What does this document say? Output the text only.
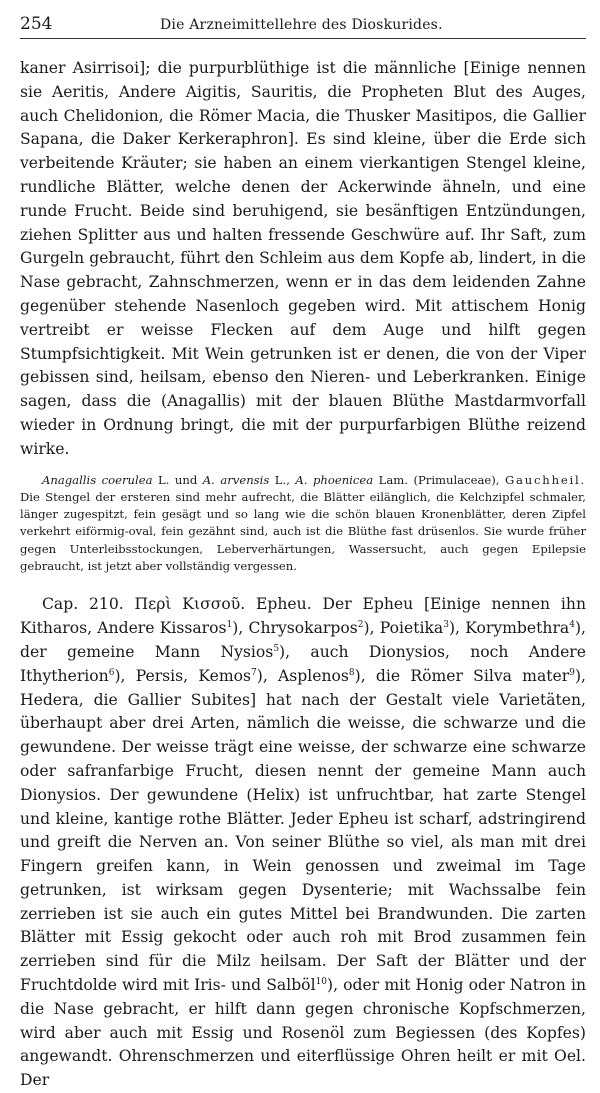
254	Die Arzneimittellehre des Dioskurides.

kaner Asirrisoi]; die purpurblüthige ist die männliche [Einige nennen sie Aeritis, Andere Aigitis, Sauritis, die Propheten Blut des Auges, auch Chelidonion, die Römer Macia, die Thusker Masitipos, die Gallier Sapana, die Daker Kerkeraphron]. Es sind kleine, über die Erde sich verbeitende Kräuter; sie haben an einem vierkantigen Stengel kleine, rundliche Blätter, welche denen der Ackerwinde ähneln, und eine runde Frucht. Beide sind beruhigend, sie besänftigen Entzündungen, ziehen Splitter aus und halten fressende Geschwüre auf. Ihr Saft, zum Gurgeln gebraucht, führt den Schleim aus dem Kopfe ab, lindert, in die Nase gebracht, Zahnschmerzen, wenn er in das dem leidenden Zahne gegenüber stehende Nasenloch gegeben wird. Mit attischem Honig vertreibt er weisse Flecken auf dem Auge und hilft gegen Stumpfsichtigkeit. Mit Wein getrunken ist er denen, die von der Viper gebissen sind, heilsam, ebenso den Nieren- und Leberkranken. Einige sagen, dass die (Anagallis) mit der blauen Blüthe Mastdarmvorfall wieder in Ordnung bringt, die mit der purpurfarbigen Blüthe reizend wirke.

Anagallis coerulea L. und A. arvensis L., A. phoenicea Lam. (Primulaceae), Gauchheil. Die Stengel der ersteren sind mehr aufrecht, die Blätter eilänglich, die Kelchzipfel schmaler, länger zugespitzt, fein gesägt und so lang wie die schön blauen Kronenblätter, deren Zipfel verkehrt eiförmig-oval, fein gezähnt sind, auch ist die Blüthe fast drüsenlos. Sie wurde früher gegen Unterleibsstockungen, Leberverhärtungen, Wassersucht, auch gegen Epilepsie gebraucht, ist jetzt aber vollständig vergessen.

Cap. 210. Περὶ Κισσοῦ. Epheu. Der Epheu [Einige nennen ihn Kitharos, Andere Kissaros$^1$), Chrysokarpos$^2$), Poietika$^3$), Korymbethra$^4$), der gemeine Mann Nysios$^5$), auch Dionysios, noch Andere Ithytherion$^6$), Persis, Kemos$^7$), Asplenos$^8$), die Römer Silva mater$^9$), Hedera, die Gallier Subites] hat nach der Gestalt viele Varietäten, überhaupt aber drei Arten, nämlich die weisse, die schwarze und die gewundene. Der weisse trägt eine weisse, der schwarze eine schwarze oder safranfarbige Frucht, diesen nennt der gemeine Mann auch Dionysios. Der gewundene (Helix) ist unfruchtbar, hat zarte Stengel und kleine, kantige rothe Blätter. Jeder Epheu ist scharf, adstringirend und greift die Nerven an. Von seiner Blüthe so viel, als man mit drei Fingern greifen kann, in Wein genossen und zweimal im Tage getrunken, ist wirksam gegen Dysenterie; mit Wachssalbe fein zerrieben ist sie auch ein gutes Mittel bei Brandwunden. Die zarten Blätter mit Essig gekocht oder auch roh mit Brod zusammen fein zerrieben sind für die Milz heilsam. Der Saft der Blätter und der Fruchtdolde wird mit Iris- und Salböl$^{10}$), oder mit Honig oder Natron in die Nase gebracht, er hilft dann gegen chronische Kopfschmerzen, wird aber auch mit Essig und Rosenöl zum Begiessen (des Kopfes) angewandt. Ohrenschmerzen und eiterflüssige Ohren heilt er mit Oel. Der
